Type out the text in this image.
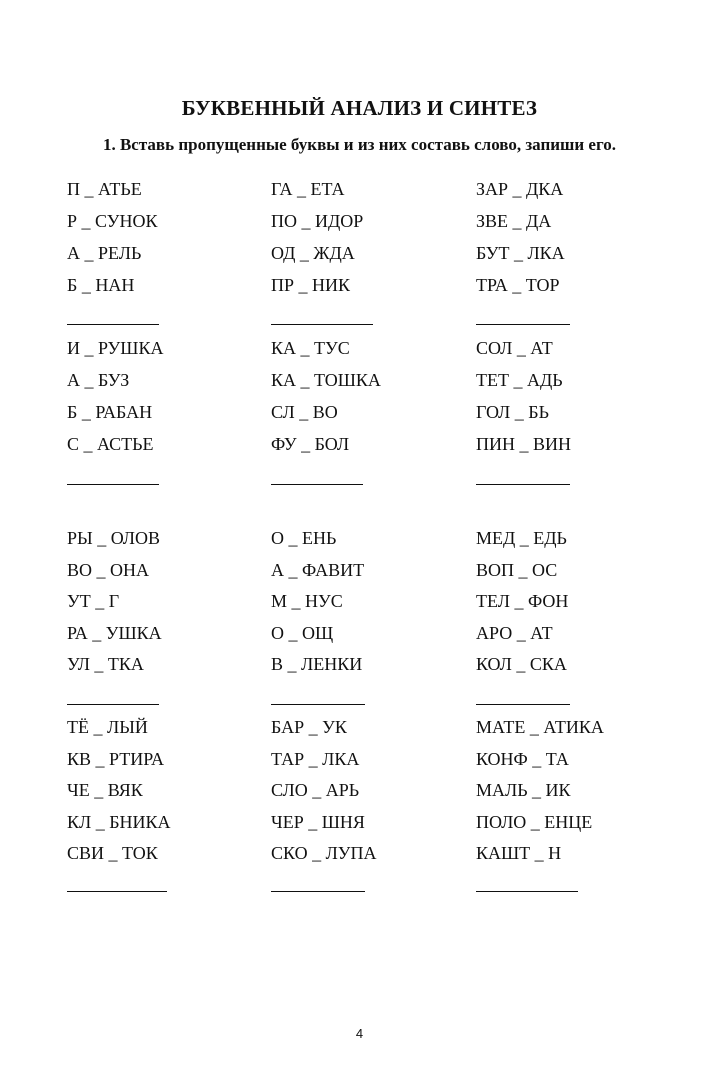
БУКВЕННЫЙ АНАЛИЗ И СИНТЕЗ
1. Вставь пропущенные буквы и из них составь слово, запиши его.
П _ АТЬЕ
Р _ СУНОК
А _ РЕЛЬ
Б _ НАН
ГА _ ЕТА
ПО _ ИДОР
ОД _ ЖДА
ПР _ НИК
ЗАР _ ДКА
ЗВЕ _ ДА
БУТ _ ЛКА
ТРА _ ТОР
И _ РУШКА
А _ БУЗ
Б _ РАБАН
С _ АСТЬЕ
КА _ ТУС
КА _ ТОШКА
СЛ _ ВО
ФУ _ БОЛ
СОЛ _ АТ
ТЕТ _ АДЬ
ГОЛ _ БЬ
ПИН _ ВИН
РЫ _ ОЛОВ
ВО _ ОНА
УТ _ Г
РА _ УШКА
УЛ _ ТКА
О _ ЕНЬ
А _ ФАВИТ
М _ НУС
О _ ОЩ
В _ ЛЕНКИ
МЕД _ ЕДЬ
ВОП _ ОС
ТЕЛ _ ФОН
АРО _ АТ
КОЛ _ СКА
ТЁ _ ЛЫЙ
КВ _ РТИРА
ЧЕ _ ВЯК
КЛ _ БНИКА
СВИ _ ТОК
БАР _ УК
ТАР _ ЛКА
СЛО _ АРЬ
ЧЕР _ ШНЯ
СКО _ ЛУПА
МАТЕ _ АТИКА
КОНФ _ ТА
МАЛЬ _ ИК
ПОЛО _ ЕНЦЕ
КАШТ _ Н
4
